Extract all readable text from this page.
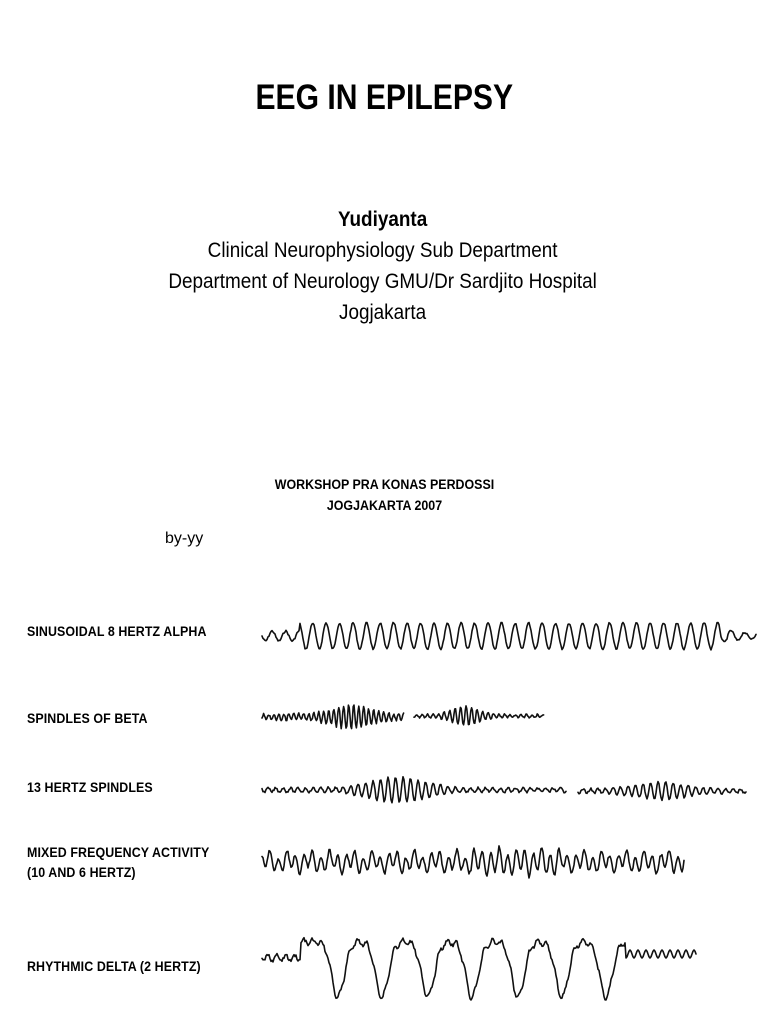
EEG IN EPILEPSY
Yudiyanta
Clinical Neurophysiology Sub Department
Department of Neurology GMU/Dr Sardjito Hospital
Jogjakarta
WORKSHOP PRA KONAS PERDOSSI
JOGJAKARTA 2007
by-yy
SINUSOIDAL 8 HERTZ ALPHA
SPINDLES OF BETA
13 HERTZ SPINDLES
MIXED FREQUENCY ACTIVITY
(10 AND 6 HERTZ)
RHYTHMIC DELTA (2 HERTZ)
